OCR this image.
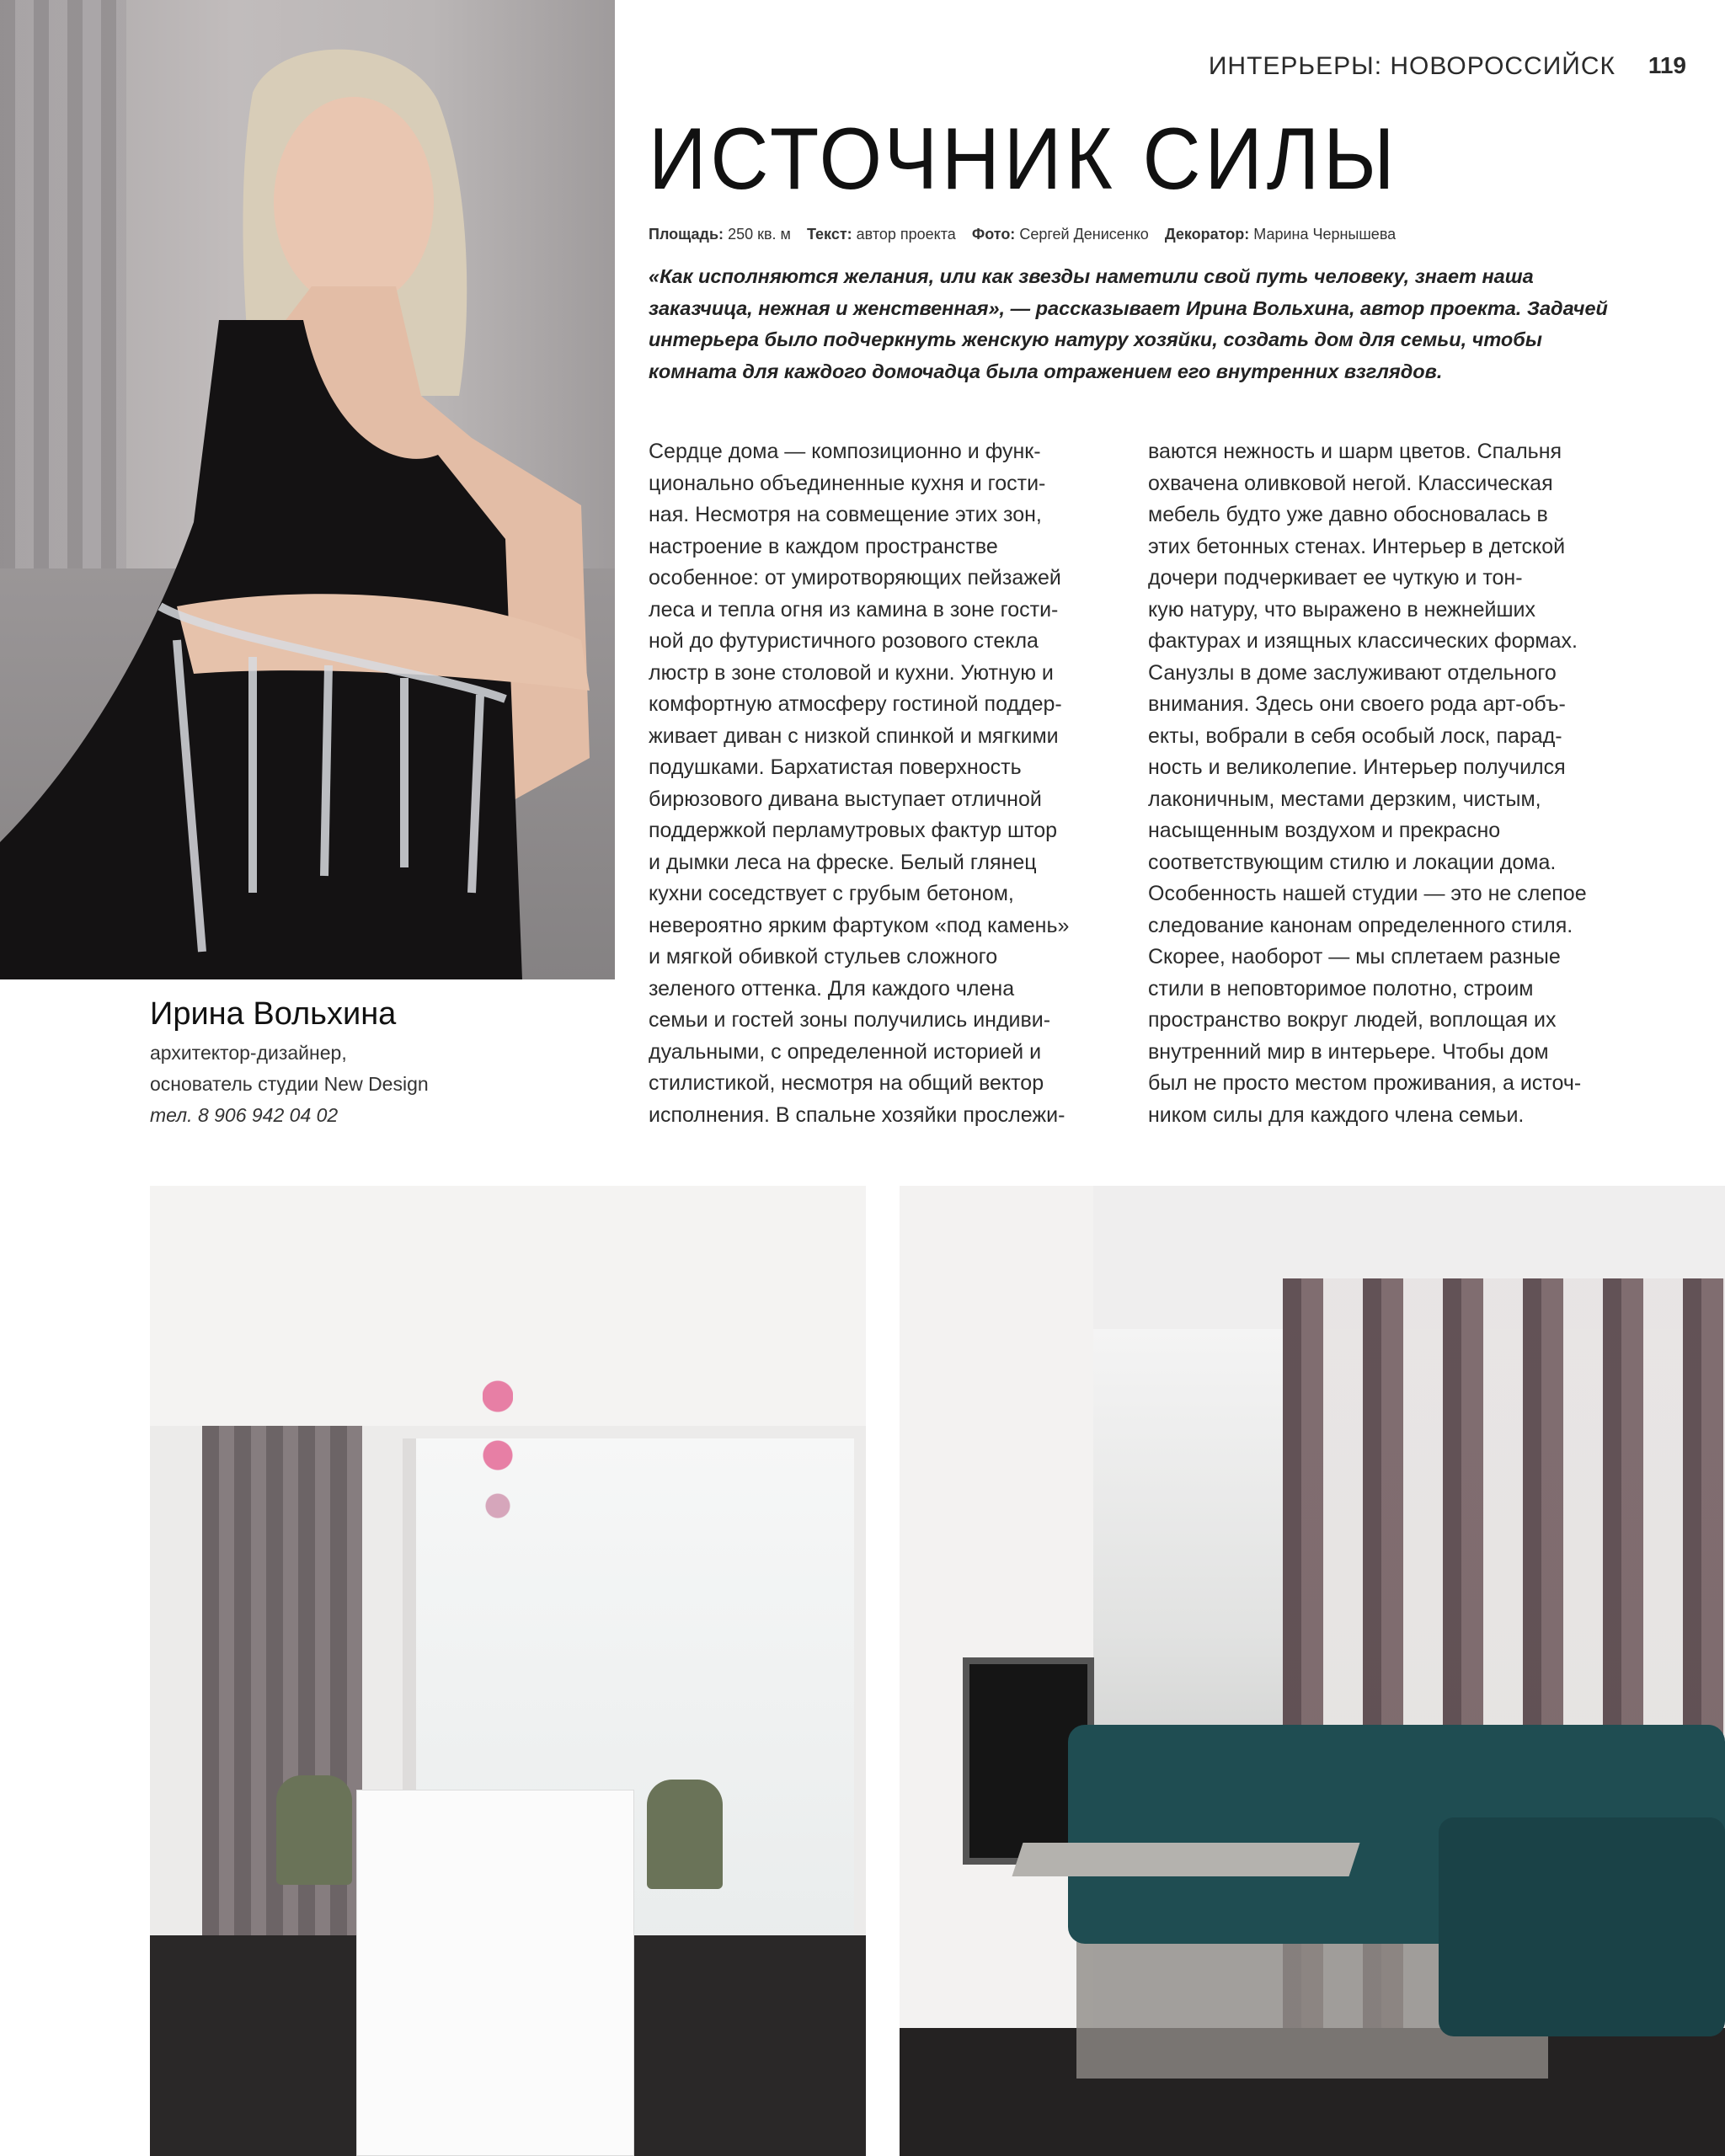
ИНТЕРЬЕРЫ: НОВОРОССИЙСК 119
ИСТОЧНИК СИЛЫ
Площадь: 250 кв. м Текст: автор проекта Фото: Сергей Денисенко Декоратор: Марина Чернышева
«Как исполняются желания, или как звезды наметили свой путь человеку, знает наша заказчица, нежная и женственная», — рассказывает Ирина Вольхина, автор проекта. Задачей интерьера было подчеркнуть женскую натуру хозяйки, создать дом для семьи, чтобы комната для каждого домочадца была отражением его внутренних взглядов.
Сердце дома — композиционно и функ-
ционально объединенные кухня и гости-
ная. Несмотря на совмещение этих зон,
настроение в каждом пространстве
особенное: от умиротворяющих пейзажей
леса и тепла огня из камина в зоне гости-
ной до футуристичного розового стекла
люстр в зоне столовой и кухни. Уютную и
комфортную атмосферу гостиной поддер-
живает диван с низкой спинкой и мягкими
подушками. Бархатистая поверхность
бирюзового дивана выступает отличной
поддержкой перламутровых фактур штор
и дымки леса на фреске. Белый глянец
кухни соседствует с грубым бетоном,
невероятно ярким фартуком «под камень»
и мягкой обивкой стульев сложного
зеленого оттенка. Для каждого члена
семьи и гостей зоны получились индиви-
дуальными, с определенной историей и
стилистикой, несмотря на общий вектор
исполнения. В спальне хозяйки прослежи-
ваются нежность и шарм цветов. Спальня
охвачена оливковой негой. Классическая
мебель будто уже давно обосновалась в
этих бетонных стенах. Интерьер в детской
дочери подчеркивает ее чуткую и тон-
кую натуру, что выражено в нежнейших
фактурах и изящных классических формах.
Санузлы в доме заслуживают отдельного
внимания. Здесь они своего рода арт-объ-
екты, вобрали в себя особый лоск, парад-
ность и великолепие. Интерьер получился
лаконичным, местами дерзким, чистым,
насыщенным воздухом и прекрасно
соответствующим стилю и локации дома.
Особенность нашей студии — это не слепое
следование канонам определенного стиля.
Скорее, наоборот — мы сплетаем разные
стили в неповторимое полотно, строим
пространство вокруг людей, воплощая их
внутренний мир в интерьере. Чтобы дом
был не просто местом проживания, а источ-
ником силы для каждого члена семьи.
Ирина Вольхина
архитектор-дизайнер,
основатель студии New Design
тел. 8 906 942 04 02
